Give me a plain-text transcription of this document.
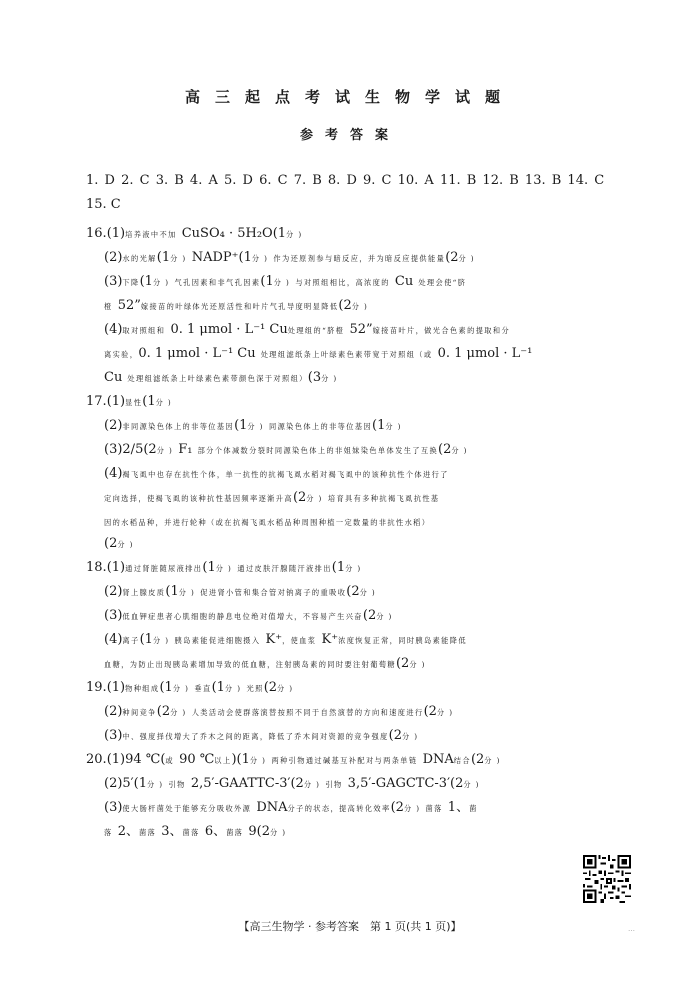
高三起点考试生物学试题
参考答案
1. D 2. C 3. B 4. A 5. D 6. C 7. B 8. D 9. C 10. A 11. B 12. B 13. B 14. C
15. C
16.(1)培养液中不加 CuSO₄ · 5H₂O(1分 )
(2)水的光解(1分 ) NADP⁺(1分 ) 作为还原剂参与暗反应，并为暗反应提供能量(2分 )
(3)下降(1分 ) 气孔因素和非气孔因素(1分 ) 与对照组相比，高浓度的 Cu 处理会使“脐
橙 52”嫁接苗的叶绿体光还原活性和叶片气孔导度明显降低(2分 )
(4)取对照组和 0. 1 μmol · L⁻¹ Cu处理组的“脐橙 52”嫁接苗叶片，做光合色素的提取和分
离实验，0. 1 μmol · L⁻¹ Cu 处理组滤纸条上叶绿素色素带宽于对照组（或 0. 1 μmol · L⁻¹
Cu 处理组滤纸条上叶绿素色素带颜色深于对照组）(3分 )
17.(1)显性(1分 )
(2)非同源染色体上的非等位基因(1分 ) 同源染色体上的非等位基因(1分 )
(3)2/5(2分 ) F₁ 部分个体减数分裂时同源染色体上的非姐妹染色单体发生了互换(2分 )
(4)褐飞虱中也存在抗性个体，单一抗性的抗褐飞虱水稻对褐飞虱中的该种抗性个体进行了
定向选择，使褐飞虱的该种抗性基因频率逐渐升高(2分 ) 培育具有多种抗褐飞虱抗性基
因的水稻品种，并进行轮种（或在抗褐飞虱水稻品种周围种植一定数量的非抗性水稻）
(2分 )
18.(1)通过肾脏随尿液排出(1分 ) 通过皮肤汗腺随汗液排出(1分 )
(2)肾上腺皮质(1分 ) 促进肾小管和集合管对钠离子的重吸收(2分 )
(3)低血钾症患者心肌细胞的静息电位绝对值增大，不容易产生兴奋(2分 )
(4)离子(1分 ) 胰岛素能促进细胞摄入 K⁺，使血浆 K⁺浓度恢复正常，同时胰岛素能降低
血糖，为防止出现胰岛素增加导致的低血糖，注射胰岛素的同时要注射葡萄糖(2分 )
19.(1)物种组成(1分 ) 垂直(1分 ) 光照(2分 )
(2)种间竞争(2分 ) 人类活动会使群落演替按照不同于自然演替的方向和速度进行(2分 )
(3)中、强度择伐增大了乔木之间的距离，降低了乔木间对资源的竞争强度(2分 )
20.(1)94 ℃(或 90 ℃以上)(1分 ) 两种引物通过碱基互补配对与两条单链 DNA结合(2分 )
(2)5′(1分 ) 引物 2,5′-GAATTC-3′(2分 ) 引物 3,5′-GAGCTC-3′(2分 )
(3)使大肠杆菌处于能够充分吸收外源 DNA分子的状态，提高转化效率(2分 ) 菌落 1、菌
落 2、菌落 3、菌落 6、菌落 9(2分 )
【高三生物学 · 参考答案　第 1 页(共 1 页)】	…
